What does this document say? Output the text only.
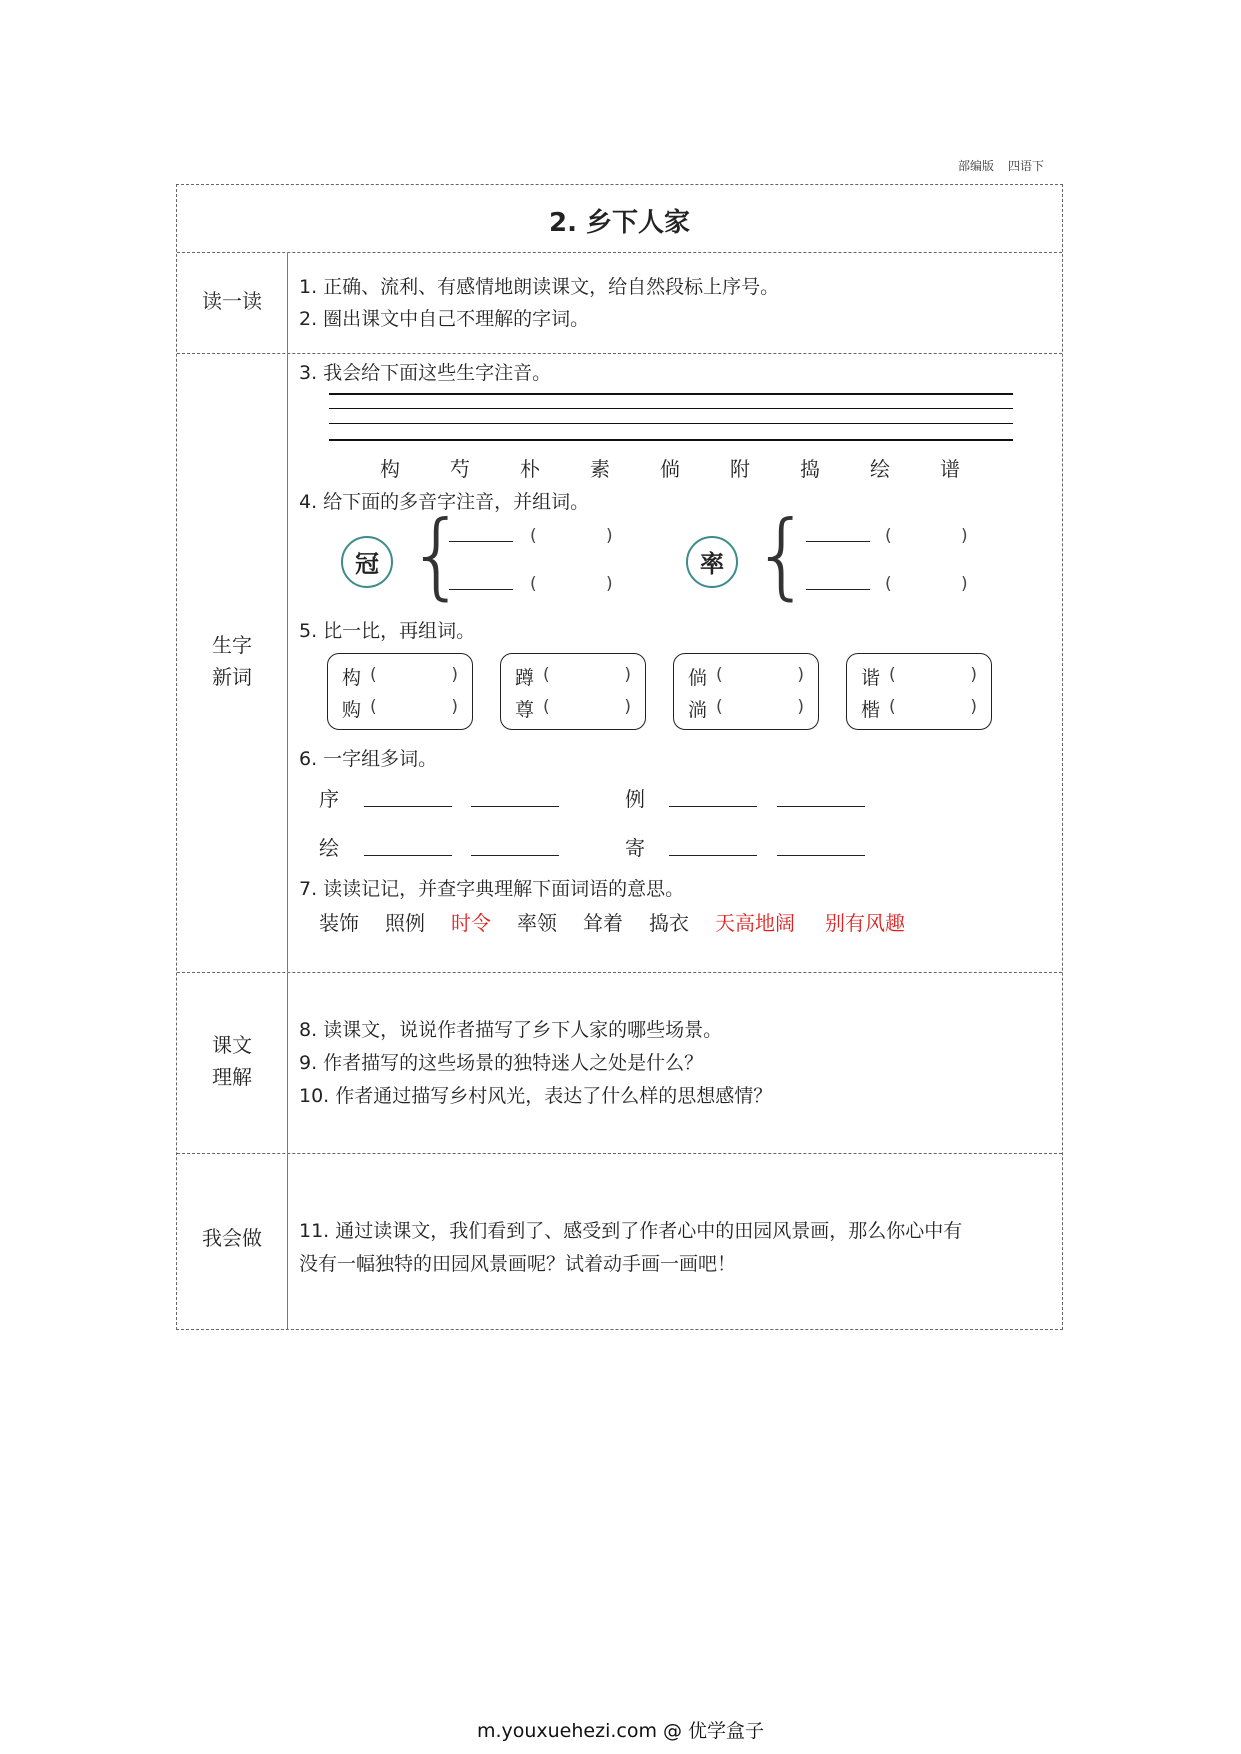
部编版 四语下
2. 乡下人家
读一读
1. 正确、流利、有感情地朗读课文，给自然段标上序号。
2. 圈出课文中自己不理解的字词。
生字
新词
3. 我会给下面这些生字注音。
构	芍	朴	素	倘	附	捣	绘	谱
4. 给下面的多音字注音，并组词。
冠 {	(	)
(	)
率 {	(	)
(	)
5. 比一比，再组词。
构 (	)
购 (	)
蹲 (	)
尊 (	)
倘 (	)
淌 (	)
谐 (	)
楷 (	)
6. 一字组多词。
序	例
绘	寄
7. 读读记记，并查字典理解下面词语的意思。
装饰 照例 时令 率领 耸着 捣衣 天高地阔 别有风趣
课文
理解
8. 读课文，说说作者描写了乡下人家的哪些场景。
9. 作者描写的这些场景的独特迷人之处是什么？
10. 作者通过描写乡村风光，表达了什么样的思想感情？
我会做	11. 通过读课文，我们看到了、感受到了作者心中的田园风景画，那么你心中有
没有一幅独特的田园风景画呢？试着动手画一画吧！
m.youxuehezi.com @ 优学盒子
